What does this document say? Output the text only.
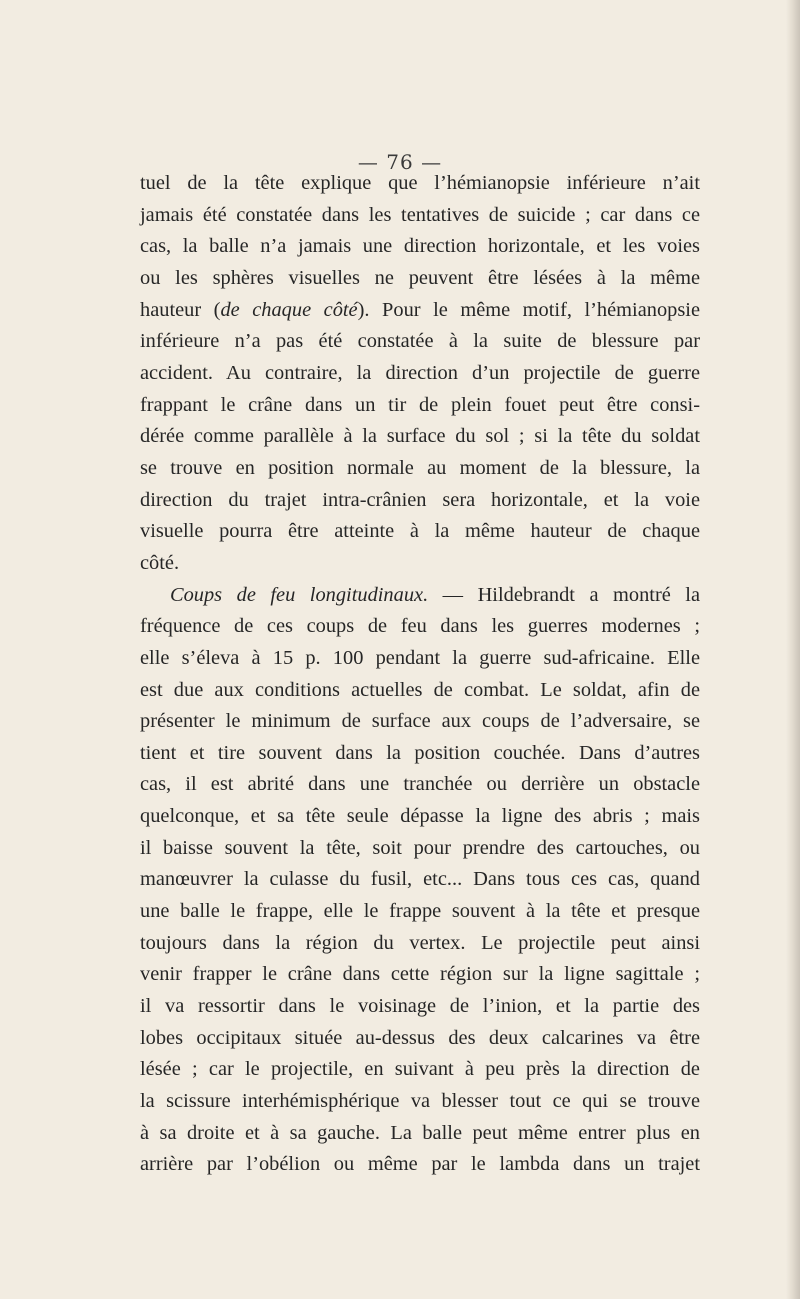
— 76 —
tuel de la tête explique que l’hémianopsie inférieure n’ait
jamais été constatée dans les tentatives de suicide ; car dans ce
cas, la balle n’a jamais une direction horizontale, et les voies
ou les sphères visuelles ne peuvent être lésées à la même
hauteur (de chaque côté). Pour le même motif, l’hémianopsie
inférieure n’a pas été constatée à la suite de blessure par
accident. Au contraire, la direction d’un projectile de guerre
frappant le crâne dans un tir de plein fouet peut être consi-
dérée comme parallèle à la surface du sol ; si la tête du soldat
se trouve en position normale au moment de la blessure, la
direction du trajet intra-crânien sera horizontale, et la voie
visuelle pourra être atteinte à la même hauteur de chaque
côté.
Coups de feu longitudinaux. — Hildebrandt a montré la
fréquence de ces coups de feu dans les guerres modernes ;
elle s’éleva à 15 p. 100 pendant la guerre sud-africaine. Elle
est due aux conditions actuelles de combat. Le soldat, afin de
présenter le minimum de surface aux coups de l’adversaire, se
tient et tire souvent dans la position couchée. Dans d’autres
cas, il est abrité dans une tranchée ou derrière un obstacle
quelconque, et sa tête seule dépasse la ligne des abris ; mais
il baisse souvent la tête, soit pour prendre des cartouches, ou
manœuvrer la culasse du fusil, etc... Dans tous ces cas, quand
une balle le frappe, elle le frappe souvent à la tête et presque
toujours dans la région du vertex. Le projectile peut ainsi
venir frapper le crâne dans cette région sur la ligne sagittale ;
il va ressortir dans le voisinage de l’inion, et la partie des
lobes occipitaux située au-dessus des deux calcarines va être
lésée ; car le projectile, en suivant à peu près la direction de
la scissure interhémisphérique va blesser tout ce qui se trouve
à sa droite et à sa gauche. La balle peut même entrer plus en
arrière par l’obélion ou même par le lambda dans un trajet
